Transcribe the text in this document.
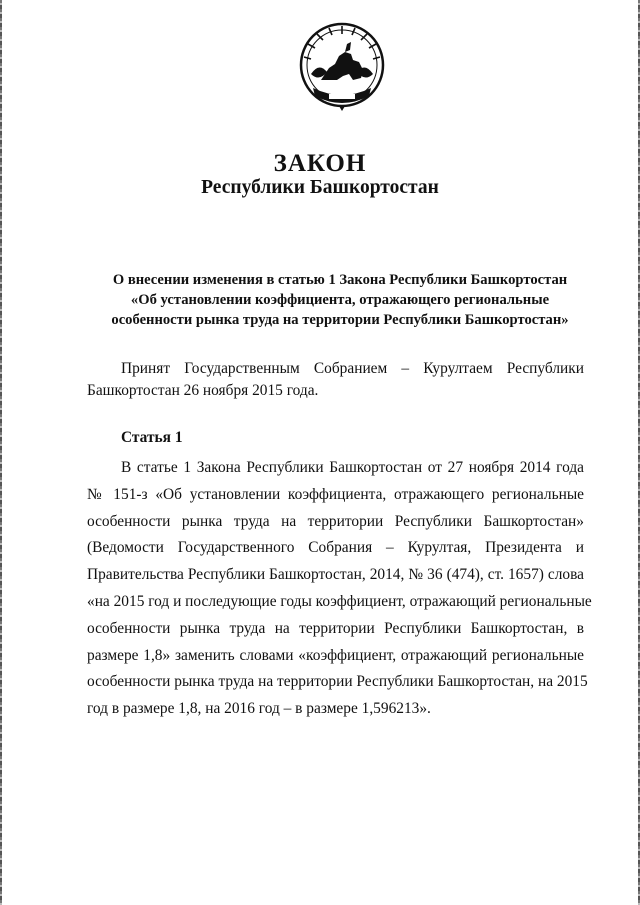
ЗАКОН
Республики Башкортостан
О внесении изменения в статью 1 Закона Республики Башкортостан
«Об установлении коэффициента, отражающего региональные
особенности рынка труда на территории Республики Башкортостан»
Принят Государственным Собранием – Курултаем Республики
Башкортостан 26 ноября 2015 года.
Статья 1
В статье 1 Закона Республики Башкортостан от 27 ноября 2014 года
№ 151-з «Об установлении коэффициента, отражающего региональные
особенности рынка труда на территории Республики Башкортостан»
(Ведомости Государственного Собрания – Курултая, Президента и
Правительства Республики Башкортостан, 2014, № 36 (474), ст. 1657) слова
«на 2015 год и последующие годы коэффициент, отражающий региональные
особенности рынка труда на территории Республики Башкортостан, в
размере 1,8» заменить словами «коэффициент, отражающий региональные
особенности рынка труда на территории Республики Башкортостан, на 2015
год в размере 1,8, на 2016 год – в размере 1,596213».
